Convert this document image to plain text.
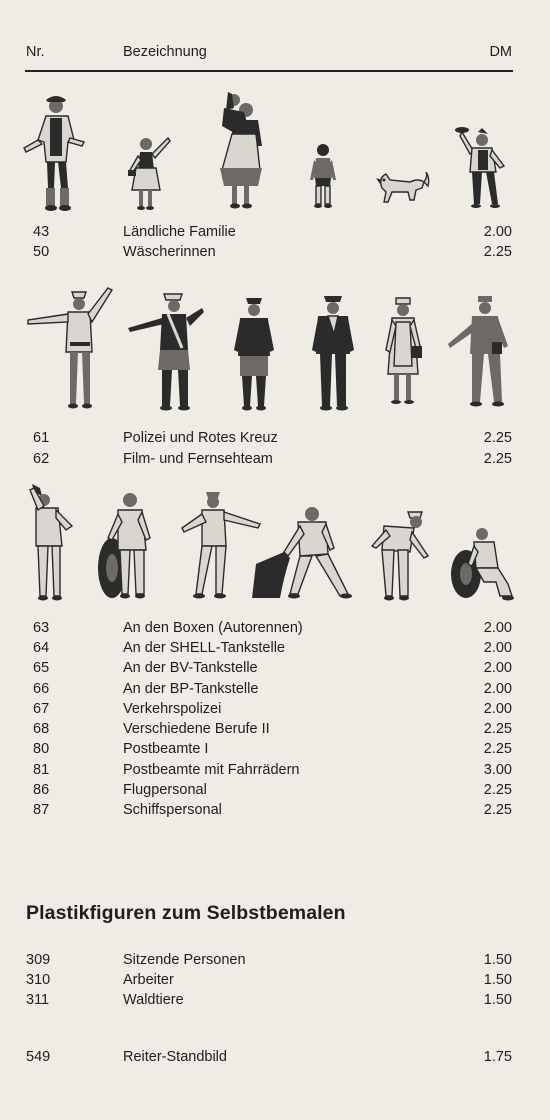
Nr.	Bezeichnung	DM
43	Ländliche Familie	2.00
50	Wäscherinnen	2.25
61	Polizei und Rotes Kreuz	2.25
62	Film- und Fernsehteam	2.25
63	An den Boxen (Autorennen)	2.00
64	An der SHELL-Tankstelle	2.00
65	An der BV-Tankstelle	2.00
66	An der BP-Tankstelle	2.00
67	Verkehrspolizei	2.00
68	Verschiedene Berufe II	2.25
80	Postbeamte I	2.25
81	Postbeamte mit Fahrrädern	3.00
86	Flugpersonal	2.25
87	Schiffspersonal	2.25
Plastikfiguren zum Selbstbemalen
309	Sitzende Personen	1.50
310	Arbeiter	1.50
311	Waldtiere	1.50
549	Reiter-Standbild	1.75
